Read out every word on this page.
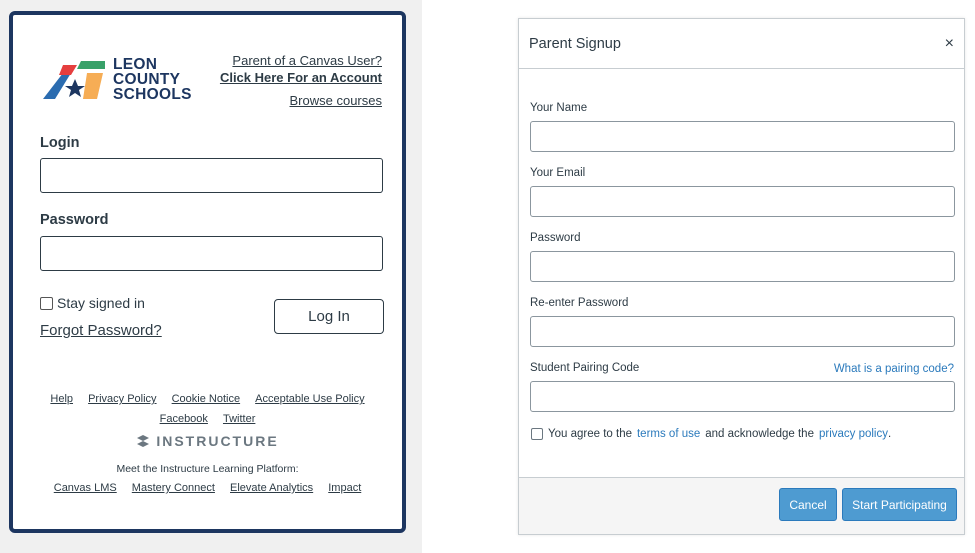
LEON
COUNTY
SCHOOLS
Parent of a Canvas User?
Click Here For an Account
Browse courses
Login
Password
Stay signed in
Forgot Password?
Log In
Help Privacy Policy Cookie Notice Acceptable Use Policy
Facebook Twitter
INSTRUCTURE
Meet the Instructure Learning Platform:
Canvas LMS Mastery Connect Elevate Analytics Impact
Parent Signup	×
Your Name
Your Email
Password
Re-enter Password
Student Pairing Code	What is a pairing code?
You agree to the terms of use and acknowledge the privacy policy .
Cancel	Start Participating
